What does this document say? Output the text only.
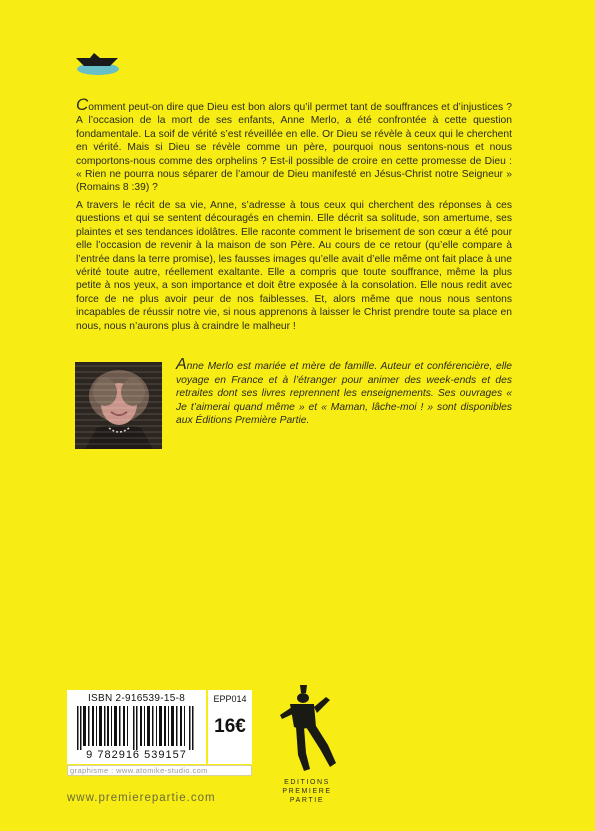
Comment peut-on dire que Dieu est bon alors qu’il permet tant de souffrances et d’injustices ? A l’occasion de la mort de ses enfants, Anne Merlo, a été confrontée à cette question fondamentale. La soif de vérité s’est réveillée en elle. Or Dieu se révèle à ceux qui le cherchent en vérité. Mais si Dieu se révèle comme un père, pourquoi nous sentons-nous et nous comportons-nous comme des orphelins ? Est-il possible de croire en cette promesse de Dieu : « Rien ne pourra nous séparer de l’amour de Dieu manifesté en Jésus-Christ notre Seigneur » (Romains 8 :39) ?

A travers le récit de sa vie, Anne, s’adresse à tous ceux qui cherchent des réponses à ces questions et qui se sentent découragés en chemin. Elle décrit sa solitude, son amertume, ses plaintes et ses tendances idolâtres. Elle raconte comment le brisement de son cœur a été pour elle l’occasion de revenir à la maison de son Père. Au cours de ce retour (qu’elle compare à l’entrée dans la terre promise), les fausses images qu’elle avait d’elle même ont fait place à une vérité toute autre, réellement exaltante. Elle a compris que toute souffrance, même la plus petite à nos yeux, a son importance et doit être exposée à la consolation. Elle nous redit avec force de ne plus avoir peur de nos faiblesses. Et, alors même que nous nous sentons incapables de réussir notre vie, si nous apprenons à laisser le Christ prendre toute sa place en nous, nous n’aurons plus à craindre le malheur !

Anne Merlo est mariée et mère de famille. Auteur et conférencière, elle voyage en France et à l’étranger pour animer des week-ends et des retraites dont ses livres reprennent les enseignements. Ses ouvrages « Je t’aimerai quand même » et « Maman, lâche-moi ! » sont disponibles aux Éditions Première Partie.

ISBN 2-916539-15-8
9 782916 539157
EPP014
16€
graphisme : www.atomike-studio.com
www.premierepartie.com
EDITIONS
PREMIERE
PARTIE
